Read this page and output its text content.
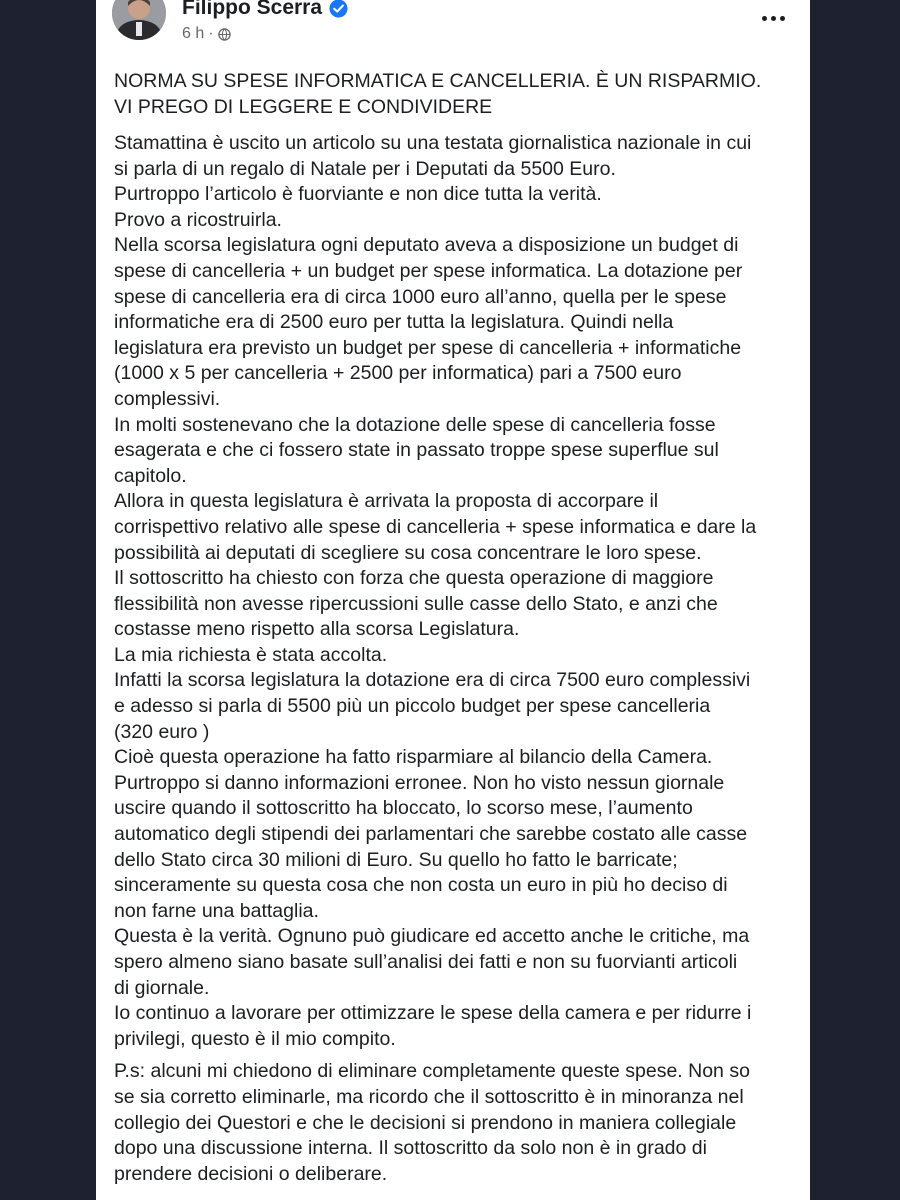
Filippo Scerra
6 h ·
NORMA SU SPESE INFORMATICA E CANCELLERIA. È UN RISPARMIO.
VI PREGO DI LEGGERE E CONDIVIDERE
Stamattina è uscito un articolo su una testata giornalistica nazionale in cui
si parla di un regalo di Natale per i Deputati da 5500 Euro.
Purtroppo l’articolo è fuorviante e non dice tutta la verità.
Provo a ricostruirla.
Nella scorsa legislatura ogni deputato aveva a disposizione un budget di
spese di cancelleria + un budget per spese informatica. La dotazione per
spese di cancelleria era di circa 1000 euro all’anno, quella per le spese
informatiche era di 2500 euro per tutta la legislatura. Quindi nella
legislatura era previsto un budget per spese di cancelleria + informatiche
(1000 x 5 per cancelleria + 2500 per informatica) pari a 7500 euro
complessivi.
In molti sostenevano che la dotazione delle spese di cancelleria fosse
esagerata e che ci fossero state in passato troppe spese superflue sul
capitolo.
Allora in questa legislatura è arrivata la proposta di accorpare il
corrispettivo relativo alle spese di cancelleria + spese informatica e dare la
possibilità ai deputati di scegliere su cosa concentrare le loro spese.
Il sottoscritto ha chiesto con forza che questa operazione di maggiore
flessibilità non avesse ripercussioni sulle casse dello Stato, e anzi che
costasse meno rispetto alla scorsa Legislatura.
La mia richiesta è stata accolta.
Infatti la scorsa legislatura la dotazione era di circa 7500 euro complessivi
e adesso si parla di 5500 più un piccolo budget per spese cancelleria
(320 euro )
Cioè questa operazione ha fatto risparmiare al bilancio della Camera.
Purtroppo si danno informazioni erronee. Non ho visto nessun giornale
uscire quando il sottoscritto ha bloccato, lo scorso mese, l’aumento
automatico degli stipendi dei parlamentari che sarebbe costato alle casse
dello Stato circa 30 milioni di Euro. Su quello ho fatto le barricate;
sinceramente su questa cosa che non costa un euro in più ho deciso di
non farne una battaglia.
Questa è la verità. Ognuno può giudicare ed accetto anche le critiche, ma
spero almeno siano basate sull’analisi dei fatti e non su fuorvianti articoli
di giornale.
Io continuo a lavorare per ottimizzare le spese della camera e per ridurre i
privilegi, questo è il mio compito.
P.s: alcuni mi chiedono di eliminare completamente queste spese. Non so
se sia corretto eliminarle, ma ricordo che il sottoscritto è in minoranza nel
collegio dei Questori e che le decisioni si prendono in maniera collegiale
dopo una discussione interna. Il sottoscritto da solo non è in grado di
prendere decisioni o deliberare.
